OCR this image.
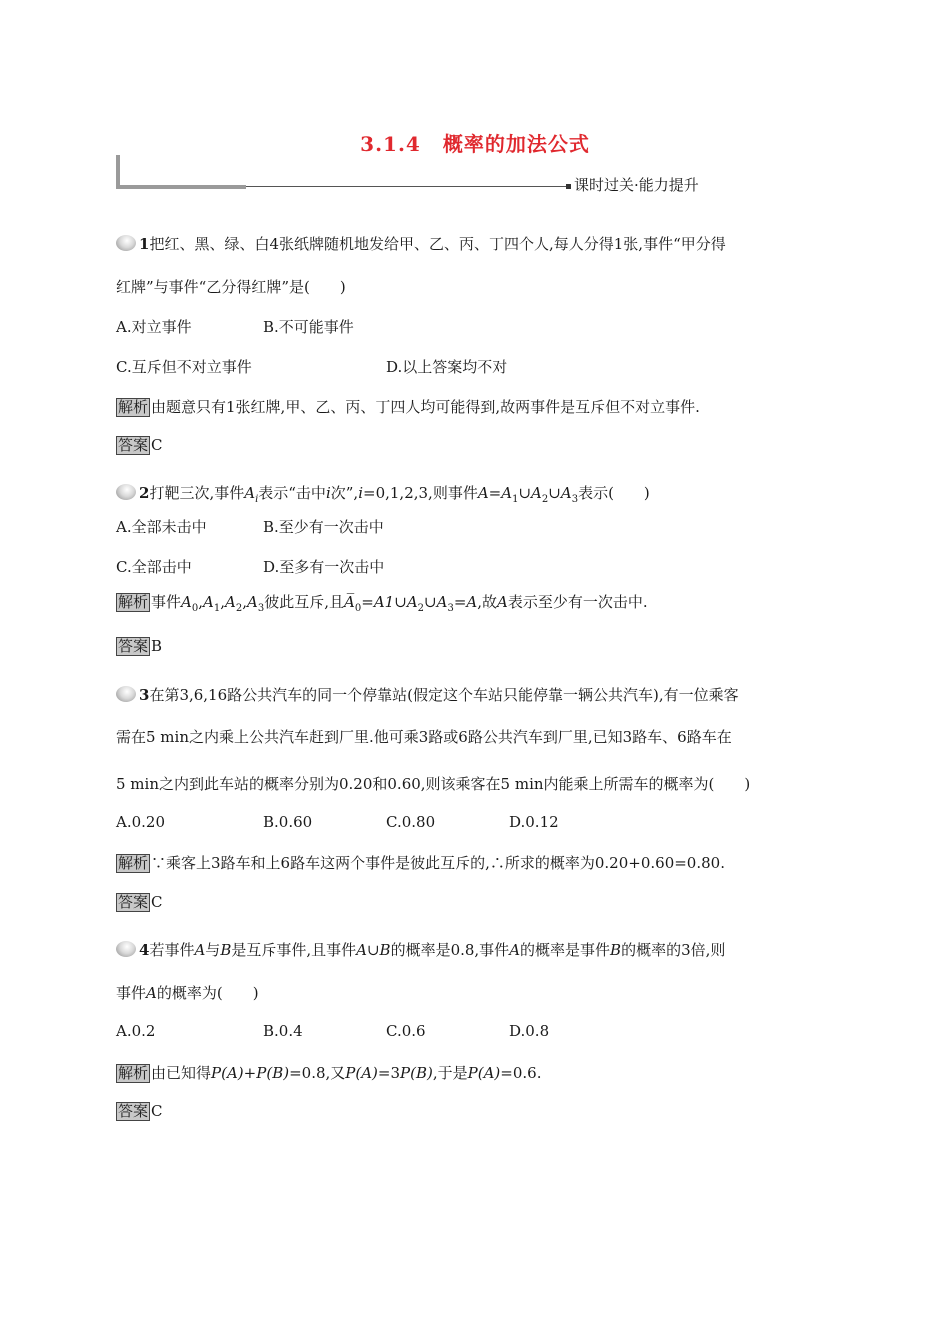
3.1.4 概率的加法公式
课时过关·能力提升
1把红、黑、绿、白4张纸牌随机地发给甲、乙、丙、丁四个人,每人分得1张,事件“甲分得
红牌”与事件“乙分得红牌”是(　　)
A.对立事件	B.不可能事件
C.互斥但不对立事件	D.以上答案均不对
解析 由题意只有1张红牌,甲、乙、丙、丁四人均可能得到,故两事件是互斥但不对立事件.
答案 C
2打靶三次,事件$A_i$表示“击中i次”,i=0,1,2,3,则事件$A=A_1\cup A_2\cup A_3$表示(　　)
A.全部未击中	B.至少有一次击中
C.全部击中	D.至多有一次击中
解析 事件$A_0,A_1,A_2,A_3$彼此互斥,且$A̅_0=A1\cup A_2\cup A_3=A$,故A表示至少有一次击中.
答案 B
3在第3,6,16路公共汽车的同一个停靠站(假定这个车站只能停靠一辆公共汽车),有一位乘客
需在5 min之内乘上公共汽车赶到厂里.他可乘3路或6路公共汽车到厂里,已知3路车、6路车在
5 min之内到此车站的概率分别为0.20和0.60,则该乘客在5 min内能乘上所需车的概率为(　　)
A.0.20	B.0.60	C.0.80	D.0.12
解析 ∵乘客上3路车和上6路车这两个事件是彼此互斥的,∴所求的概率为0.20+0.60=0.80.
答案 C
4若事件A与B是互斥事件,且事件A∪B的概率是0.8,事件A的概率是事件B的概率的3倍,则
事件A的概率为(　　)
A.0.2	B.0.4	C.0.6	D.0.8
解析 由已知得P(A)+P(B)=0.8,又P(A)=3P(B),于是P(A)=0.6.
答案 C
